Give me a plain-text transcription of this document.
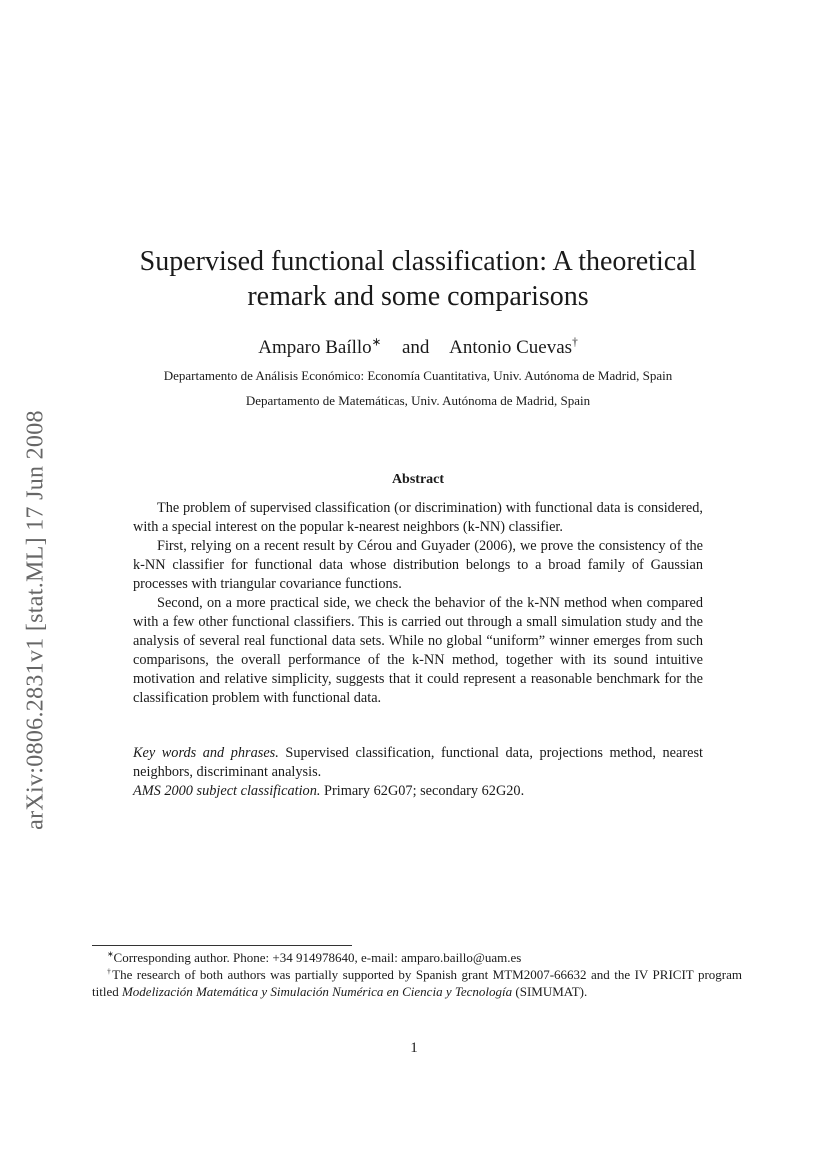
arXiv:0806.2831v1 [stat.ML] 17 Jun 2008
Supervised functional classification: A theoretical
remark and some comparisons
Amparo Baíllo∗ and Antonio Cuevas†
Departamento de Análisis Económico: Economía Cuantitativa, Univ. Autónoma de Madrid, Spain
Departamento de Matemáticas, Univ. Autónoma de Madrid, Spain
Abstract

The problem of supervised classification (or discrimination) with functional data is considered, with a special interest on the popular k-nearest neighbors (k-NN) classifier.

First, relying on a recent result by Cérou and Guyader (2006), we prove the consistency of the k-NN classifier for functional data whose distribution belongs to a broad family of Gaussian processes with triangular covariance functions.

Second, on a more practical side, we check the behavior of the k-NN method when compared with a few other functional classifiers. This is carried out through a small simulation study and the analysis of several real functional data sets. While no global “uniform” winner emerges from such comparisons, the overall performance of the k-NN method, together with its sound intuitive motivation and relative simplicity, suggests that it could represent a reasonable benchmark for the classification problem with functional data.

Key words and phrases. Supervised classification, functional data, projections method, nearest neighbors, discriminant analysis.

AMS 2000 subject classification. Primary 62G07; secondary 62G20.

∗Corresponding author. Phone: +34 914978640, e-mail: amparo.baillo@uam.es

†The research of both authors was partially supported by Spanish grant MTM2007-66632 and the IV PRICIT program titled Modelización Matemática y Simulación Numérica en Ciencia y Tecnología (SIMUMAT).

1
